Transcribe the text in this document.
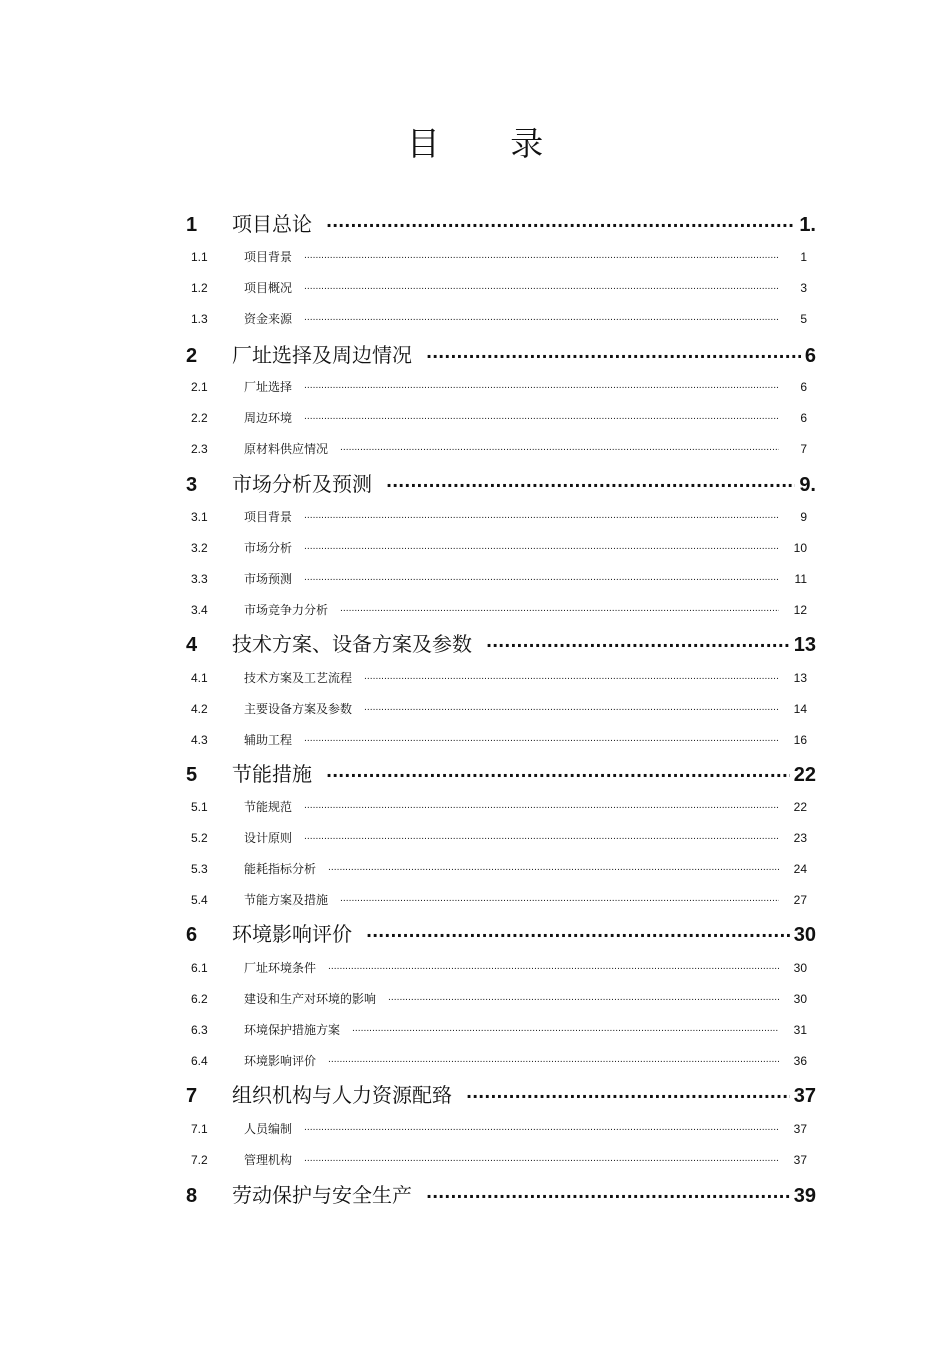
目 录
1	项目总论 .....	1.
1.1	项目背景 .....	1
1.2	项目概况 .....	3
1.3	资金来源 .....	5
2	厂址选择及周边情况 .....	6
2.1	厂址选择 .....	6
2.2	周边环境 .....	6
2.3	原材料供应情况 .....	7
3	市场分析及预测 .....	9.
3.1	项目背景 .....	9
3.2	市场分析 .....	10
3.3	市场预测 .....	11
3.4	市场竞争力分析 .....	12
4	技术方案、设备方案及参数 .....	13
4.1	技术方案及工艺流程 .....	13
4.2	主要设备方案及参数 .....	14
4.3	辅助工程 .....	16
5	节能措施 .....	22
5.1	节能规范 .....	22
5.2	设计原则 .....	23
5.3	能耗指标分析 .....	24
5.4	节能方案及措施 .....	27
6	环境影响评价 .....	30
6.1	厂址环境条件 .....	30
6.2	建设和生产对环境的影响 .....	30
6.3	环境保护措施方案 .....	31
6.4	环境影响评价 .....	36
7	组织机构与人力资源配臵 .....	37
7.1	人员编制 .....	37
7.2	管理机构 .....	37
8	劳动保护与安全生产 .....	39
